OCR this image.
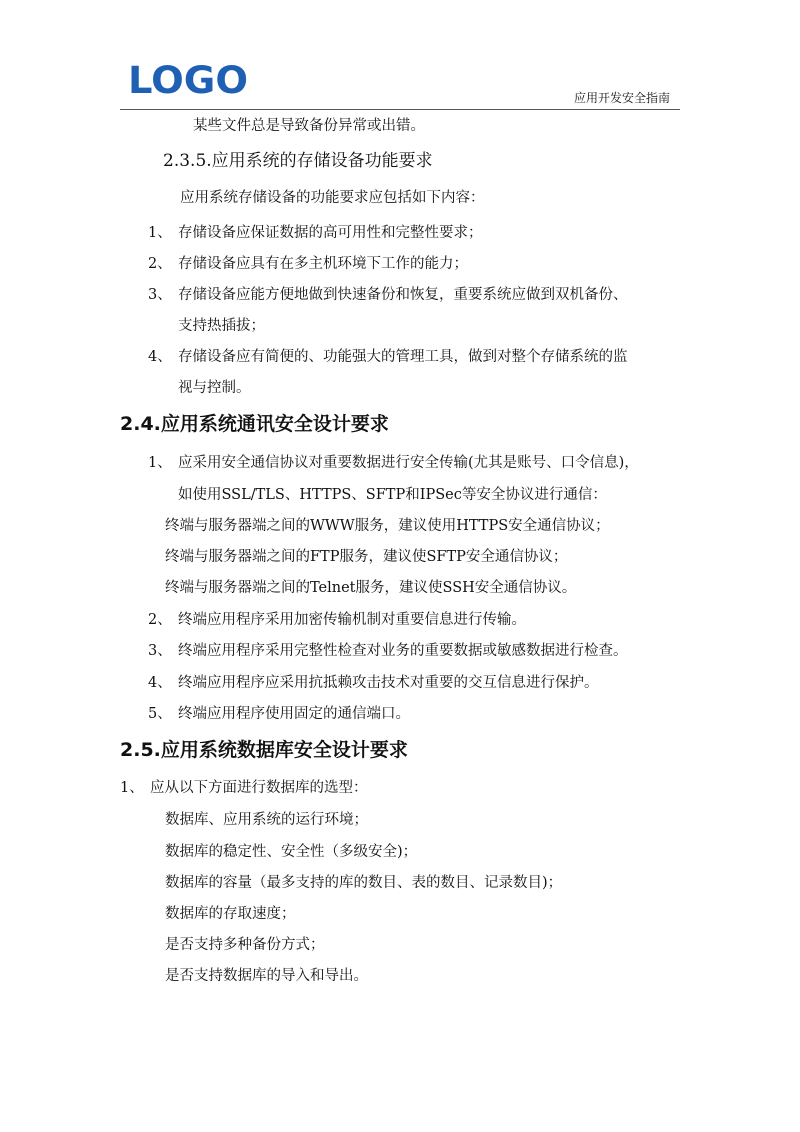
LOGO	应用开发安全指南
某些文件总是导致备份异常或出错。
2.3.5.应用系统的存储设备功能要求
应用系统存储设备的功能要求应包括如下内容：
1、 存储设备应保证数据的高可用性和完整性要求；
2、 存储设备应具有在多主机环境下工作的能力；
3、 存储设备应能方便地做到快速备份和恢复，重要系统应做到双机备份、
支持热插拔；
4、 存储设备应有简便的、功能强大的管理工具，做到对整个存储系统的监
视与控制。
2.4.应用系统通讯安全设计要求
1、 应采用安全通信协议对重要数据进行安全传输(尤其是账号、口令信息)，
如使用SSL/TLS、HTTPS、SFTP和IPSec等安全协议进行通信：
终端与服务器端之间的WWW服务，建议使用HTTPS安全通信协议；
终端与服务器端之间的FTP服务，建议使SFTP安全通信协议；
终端与服务器端之间的Telnet服务，建议使SSH安全通信协议。
2、 终端应用程序采用加密传输机制对重要信息进行传输。
3、 终端应用程序采用完整性检查对业务的重要数据或敏感数据进行检查。
4、 终端应用程序应采用抗抵赖攻击技术对重要的交互信息进行保护。
5、 终端应用程序使用固定的通信端口。
2.5.应用系统数据库安全设计要求
1、 应从以下方面进行数据库的选型：
数据库、应用系统的运行环境；
数据库的稳定性、安全性（多级安全)；
数据库的容量（最多支持的库的数目、表的数目、记录数目)；
数据库的存取速度；
是否支持多种备份方式；
是否支持数据库的导入和导出。
